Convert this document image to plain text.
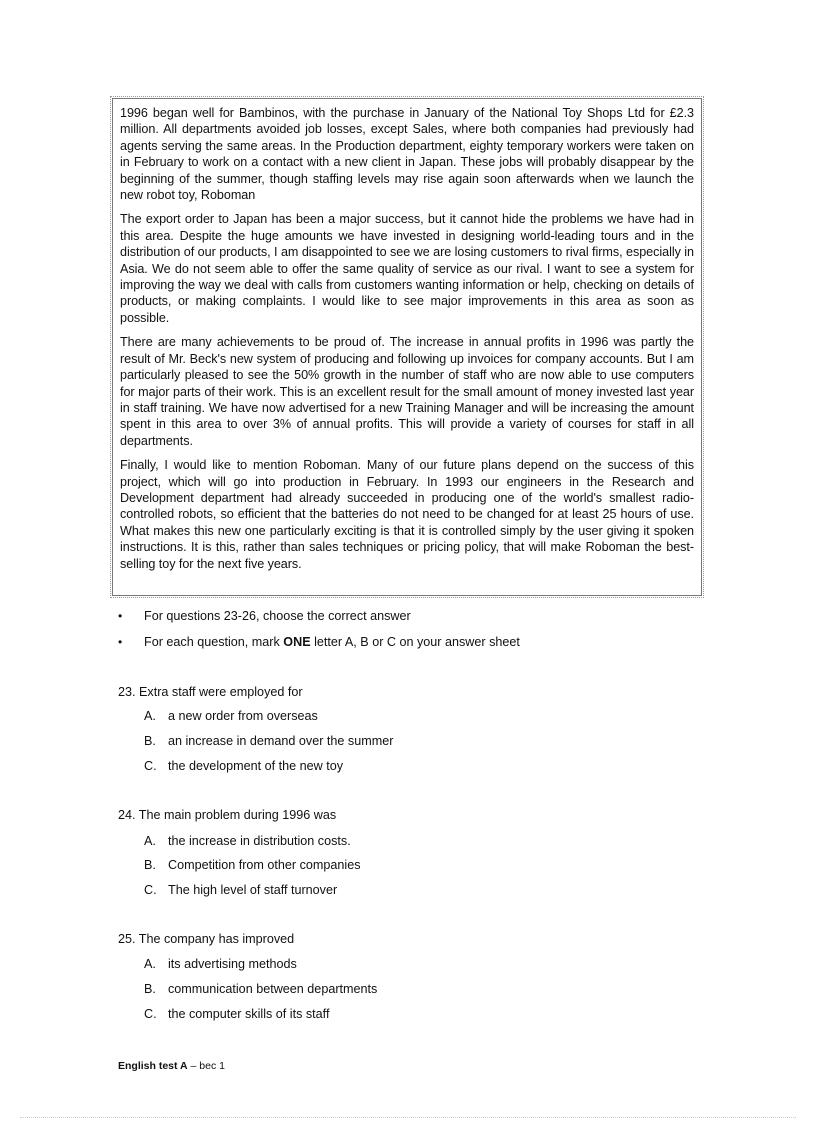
1996 began well for Bambinos, with the purchase in January of the National Toy Shops Ltd for £2.3 million. All departments avoided job losses, except Sales, where both companies had previously had agents serving the same areas. In the Production department, eighty temporary workers were taken on in February to work on a contact with a new client in Japan. These jobs will probably disappear by the beginning of the summer, though staffing levels may rise again soon afterwards when we launch the new robot toy, Roboman

The export order to Japan has been a major success, but it cannot hide the problems we have had in this area. Despite the huge amounts we have invested in designing world-leading tours and in the distribution of our products, I am disappointed to see we are losing customers to rival firms, especially in Asia. We do not seem able to offer the same quality of service as our rival. I want to see a system for improving the way we deal with calls from customers wanting information or help, checking on details of products, or making complaints. I would like to see major improvements in this area as soon as possible.

There are many achievements to be proud of. The increase in annual profits in 1996 was partly the result of Mr. Beck's new system of producing and following up invoices for company accounts. But I am particularly pleased to see the 50% growth in the number of staff who are now able to use computers for major parts of their work. This is an excellent result for the small amount of money invested last year in staff training. We have now advertised for a new Training Manager and will be increasing the amount spent in this area to over 3% of annual profits. This will provide a variety of courses for staff in all departments.

Finally, I would like to mention Roboman. Many of our future plans depend on the success of this project, which will go into production in February. In 1993 our engineers in the Research and Development department had already succeeded in producing one of the world's smallest radio-controlled robots, so efficient that the batteries do not need to be changed for at least 25 hours of use. What makes this new one particularly exciting is that it is controlled simply by the user giving it spoken instructions. It is this, rather than sales techniques or pricing policy, that will make Roboman the best-selling toy for the next five years.

• For questions 23-26, choose the correct answer

• For each question, mark ONE letter A, B or C on your answer sheet

23. Extra staff were employed for

A. a new order from overseas

B. an increase in demand over the summer

C. the development of the new toy

24. The main problem during 1996 was

A. the increase in distribution costs.

B. Competition from other companies

C. The high level of staff turnover

25. The company has improved

A. its advertising methods

B. communication between departments

C. the computer skills of its staff

English test A – bec 1
